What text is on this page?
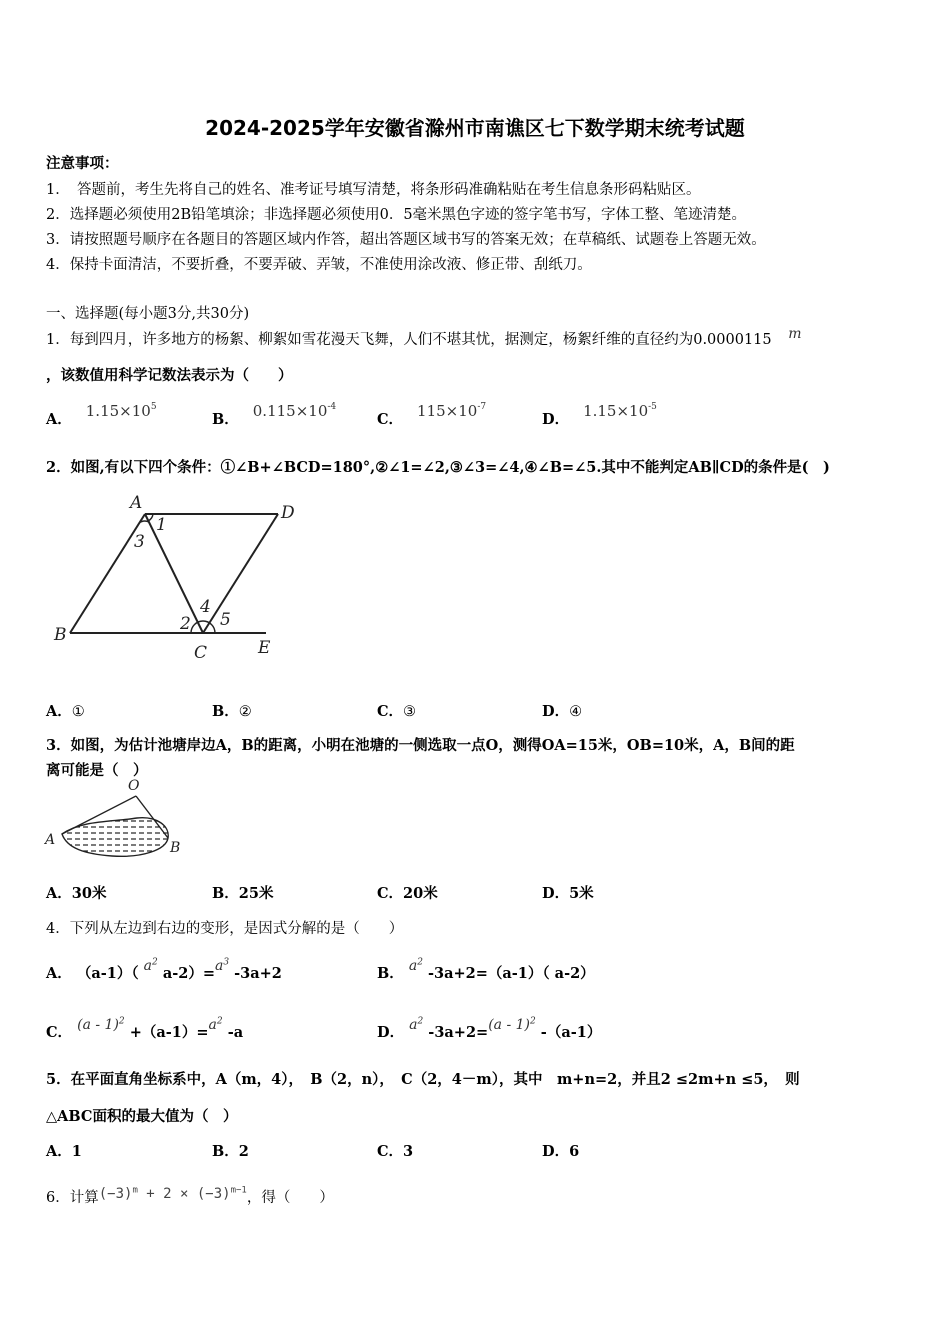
2024-2025学年安徽省滁州市南谯区七下数学期末统考试题
注意事项：
1．　答题前，考生先将自己的姓名、准考证号填写清楚，将条形码准确粘贴在考生信息条形码粘贴区。
2．选择题必须使用2B铅笔填涂；非选择题必须使用0．5毫米黑色字迹的签字笔书写，字体工整、笔迹清楚。
3．请按照题号顺序在各题目的答题区域内作答，超出答题区域书写的答案无效；在草稿纸、试题卷上答题无效。
4．保持卡面清洁，不要折叠，不要弄破、弄皱，不准使用涂改液、修正带、刮纸刀。
一、选择题(每小题3分,共30分)
1．每到四月，许多地方的杨絮、柳絮如雪花漫天飞舞，人们不堪其忧，据测定，杨絮纤维的直径约为0.0000115 m
，该数值用科学记数法表示为（　　）
A． $1.15\times 10^5$
B． $0.115\times 10^{-4}$
C． $115\times 10^{-7}$
D． $1.15\times 10^{-5}$
2．如图,有以下四个条件：①∠B+∠BCD=180°,②∠1=∠2,③∠3=∠4,④∠B=∠5.其中不能判定AB∥CD的条件是(　)
A	D
B
C	E
1
2
3
4
5
A．①	B．②	C．③	D．④
3．如图，为估计池塘岸边A，B的距离，小明在池塘的一侧选取一点O，测得OA=15米，OB=10米，A，B间的距
离可能是（　）
O
A	B
A．30米	B．25米	C．20米	D．5米
4．下列从左边到右边的变形，是因式分解的是（　　）
A． （a-1）（ $a^2$ $a-2)=a^3$ -3a+2	B． $a^2$ -3a+2=（a-1）（ a-2）
C． $(a - 1)^2 +(a-1)=a^2$ -a	D． $a^2$ -3a+2=(a - 1)$^2$ -（a-1）
5．在平面直角坐标系中，A（m，4），　B（2，n），　C（2，4－m），其中　m+n=2，并且2 ≤2m+n ≤5，　则
△ABC面积的最大值为（　）
A．1	B．2	C．3	D．6
6．计算$(-3)^m + 2 \times (-3)^{m-1}$，得（　　）
